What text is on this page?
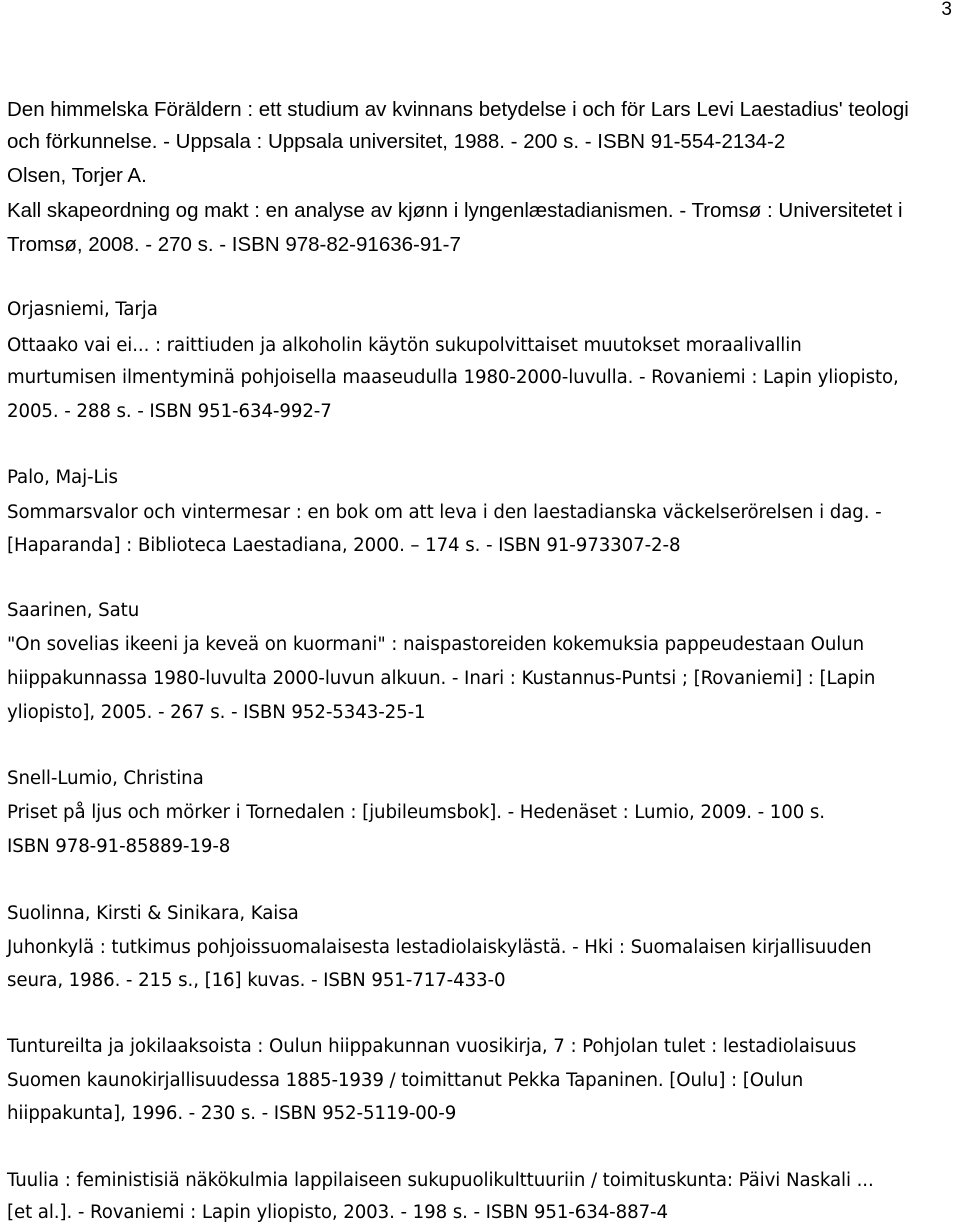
3
Den himmelska Föräldern : ett studium av kvinnans betydelse i och för Lars Levi Laestadius' teologi
och förkunnelse. - Uppsala : Uppsala universitet, 1988. - 200 s. - ISBN 91-554-2134-2
Olsen, Torjer A.
Kall skapeordning og makt : en analyse av kjønn i lyngenlæstadianismen. - Tromsø : Universitetet i
Tromsø, 2008. - 270 s. - ISBN 978-82-91636-91-7
Orjasniemi, Tarja
Ottaako vai ei... : raittiuden ja alkoholin käytön sukupolvittaiset muutokset moraalivallin
murtumisen ilmentyminä pohjoisella maaseudulla 1980-2000-luvulla. - Rovaniemi : Lapin yliopisto,
2005. - 288 s. - ISBN 951-634-992-7
Palo, Maj-Lis
Sommarsvalor och vintermesar : en bok om att leva i den laestadianska väckelserörelsen i dag. -
[Haparanda] : Biblioteca Laestadiana, 2000. – 174 s. - ISBN 91-973307-2-8
Saarinen, Satu
"On sovelias ikeeni ja keveä on kuormani" : naispastoreiden kokemuksia pappeudestaan Oulun
hiippakunnassa 1980-luvulta 2000-luvun alkuun. - Inari : Kustannus-Puntsi ; [Rovaniemi] : [Lapin
yliopisto], 2005. - 267 s. - ISBN 952-5343-25-1
Snell-Lumio, Christina
Priset på ljus och mörker i Tornedalen : [jubileumsbok]. - Hedenäset : Lumio, 2009. - 100 s.
ISBN 978-91-85889-19-8
Suolinna, Kirsti & Sinikara, Kaisa
Juhonkylä : tutkimus pohjoissuomalaisesta lestadiolaiskylästä. - Hki : Suomalaisen kirjallisuuden
seura, 1986. - 215 s., [16] kuvas. - ISBN 951-717-433-0
Tuntureilta ja jokilaaksoista : Oulun hiippakunnan vuosikirja, 7 : Pohjolan tulet : lestadiolaisuus
Suomen kaunokirjallisuudessa 1885-1939 / toimittanut Pekka Tapaninen. [Oulu] : [Oulun
hiippakunta], 1996. - 230 s. - ISBN 952-5119-00-9
Tuulia : feministisiä näkökulmia lappilaiseen sukupuolikulttuuriin / toimituskunta: Päivi Naskali ...
[et al.]. - Rovaniemi : Lapin yliopisto, 2003. - 198 s. - ISBN 951-634-887-4
